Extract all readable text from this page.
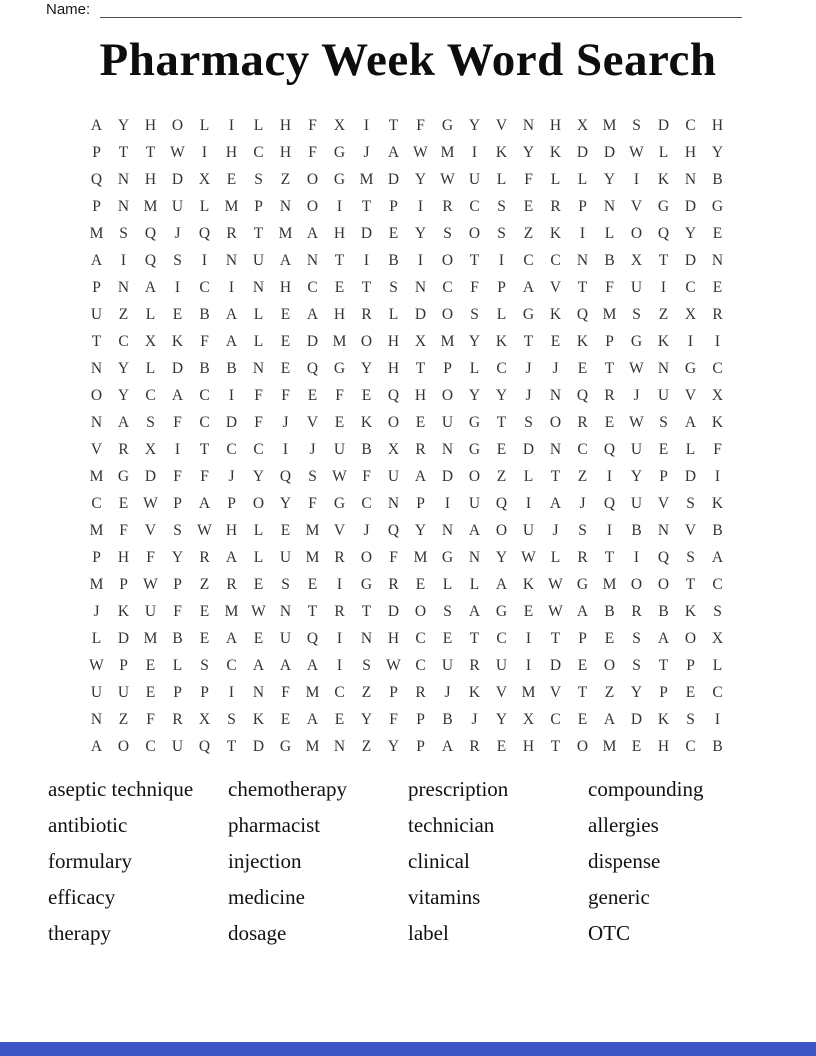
Name:
Pharmacy Week Word Search
A	Y	H	O	L	I	L	H	F	X	I	T	F	G	Y	V	N	H	X M	S	D	C	H
P	T	T W	I	H	C	H	F	G	J	A W M	I	K	Y	K	D	D W L	H	Y
Q	N	H	D	X	E	S	Z	O	G M D	Y W U	L	F	L	L	Y	I	K	N	B
P	N M U	L M	P	N	O	I	T	P	I	R	C	S	E	R	P	N	V	G	D	G
M	S	Q	J	Q	R	T M A	H	D	E	Y	S	O	S	Z	K	I	L	O	Q	Y	E
A	I	Q	S	I	N	U	A	N	T	I	B	I	O	T	I	C	C	N	B	X	T	D	N
P	N	A	I	C	I	N	H	C	E	T	S	N	C	F	P	A	V	T	F	U	I	C	E
U	Z	L	E	B	A	L	E	A	H	R	L	D	O	S	L	G	K	Q M	S	Z	X	R
T	C	X	K	F	A	L	E	D M O	H	X M Y	K	T	E	K	P	G	K	I	I
N	Y	L	D	B	B	N	E	Q	G	Y	H	T	P	L	C	J	J	E	T W N	G	C
O	Y	C	A	C	I	F	F	E	F	E	Q	H	O	Y	Y	J	N	Q	R	J	U	V	X
N	A	S	F	C	D	F	J	V	E	K	O	E	U	G	T	S	O	R	E W S	A	K
V	R	X	I	T	C	C	I	J	U	B	X	R	N	G	E	D	N	C	Q	U	E	L	F
M G	D	F	F	J	Y	Q	S W F	U	A	D	O	Z	L	T	Z	I	Y	P	D	I
C	E W P	A	P	O	Y	F	G	C	N	P	I	U	Q	I	A	J	Q	U	V	S	K
M	F	V	S W H	L	E M V	J	Q	Y	N	A	O	U	J	S	I	B	N	V	B
P	H	F	Y	R	A	L	U M R	O	F	M G	N	Y W L	R	T	I	Q	S	A
M	P W P	Z	R	E	S	E	I	G	R	E	L	L	A	K W G M O	O	T	C
J	K	U	F	E M W N	T	R	T	D	O	S	A	G	E W A	B	R	B	K	S
L	D M B	E	A	E	U	Q	I	N	H	C	E	T	C	I	T	P	E	S	A	O	X
W P	E	L	S	C	A	A	A	I	S W C	U	R	U	I	D	E	O	S	T	P	L
U	U	E	P	P	I	N	F	M C	Z	P	R	J	K	V M V	T	Z	Y	P	E	C
N	Z	F	R	X	S	K	E	A	E	Y	F	P	B	J	Y	X	C	E	A	D	K	S	I
A	O	C	U	Q	T	D	G M N	Z	Y	P	A	R	E	H	T	O M E	H	C	B
aseptic technique
antibiotic
formulary
efficacy
therapy
chemotherapy
pharmacist
injection
medicine
dosage
prescription
technician
clinical
vitamins
label
compounding
allergies
dispense
generic
OTC
